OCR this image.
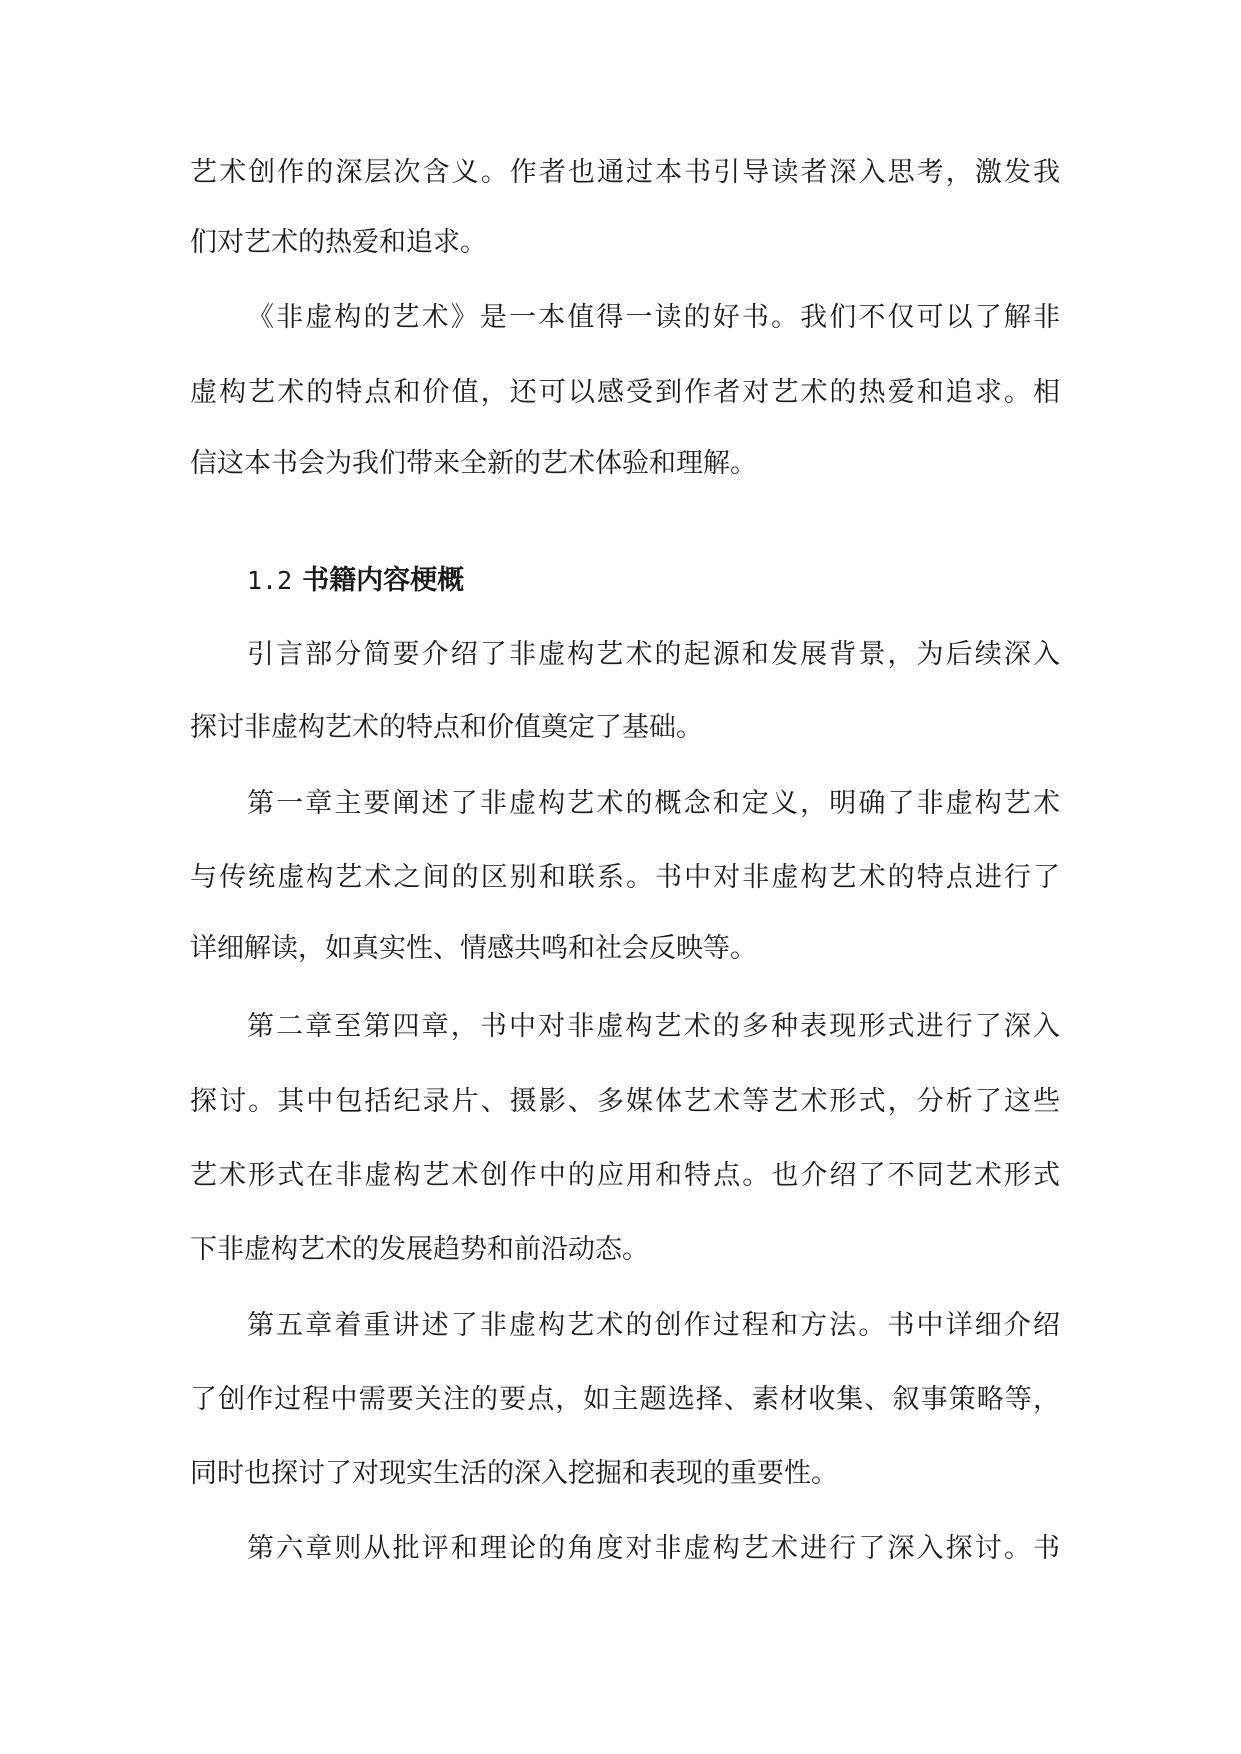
艺术创作的深层次含义。作者也通过本书引导读者深入思考，激发我
们对艺术的热爱和追求。
《非虚构的艺术》是一本值得一读的好书。我们不仅可以了解非
虚构艺术的特点和价值，还可以感受到作者对艺术的热爱和追求。相
信这本书会为我们带来全新的艺术体验和理解。
1.2 书籍内容梗概
引言部分简要介绍了非虚构艺术的起源和发展背景，为后续深入
探讨非虚构艺术的特点和价值奠定了基础。
第一章主要阐述了非虚构艺术的概念和定义，明确了非虚构艺术
与传统虚构艺术之间的区别和联系。书中对非虚构艺术的特点进行了
详细解读，如真实性、情感共鸣和社会反映等。
第二章至第四章，书中对非虚构艺术的多种表现形式进行了深入
探讨。其中包括纪录片、摄影、多媒体艺术等艺术形式，分析了这些
艺术形式在非虚构艺术创作中的应用和特点。也介绍了不同艺术形式
下非虚构艺术的发展趋势和前沿动态。
第五章着重讲述了非虚构艺术的创作过程和方法。书中详细介绍
了创作过程中需要关注的要点，如主题选择、素材收集、叙事策略等，
同时也探讨了对现实生活的深入挖掘和表现的重要性。
第六章则从批评和理论的角度对非虚构艺术进行了深入探讨。书
